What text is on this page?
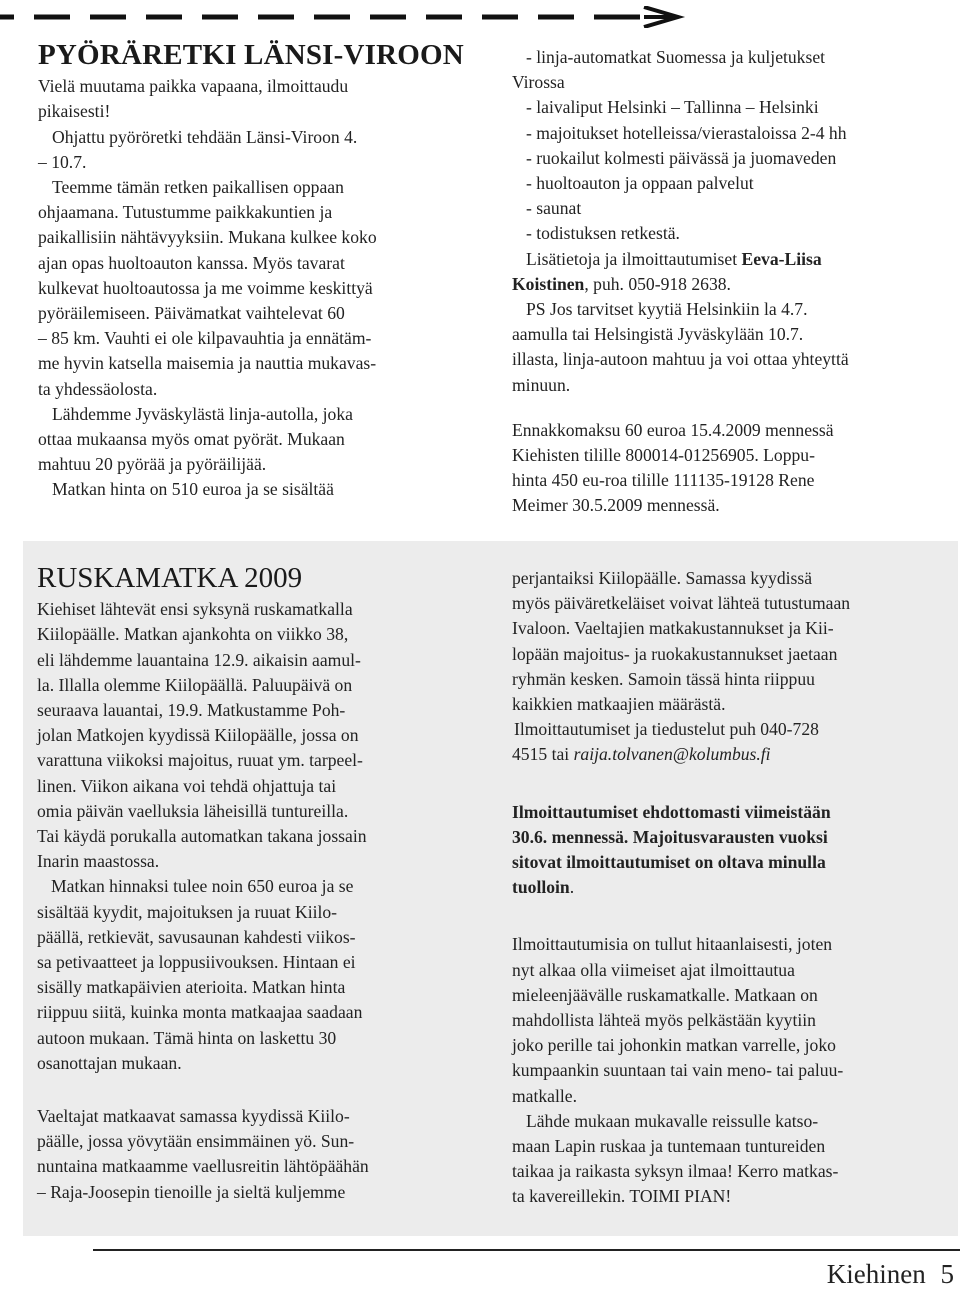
PYÖRÄRETKI LÄNSI-VIROON
Vielä muutama paikka vapaana, ilmoittaudu
pikaisesti!
Ohjattu pyöröretki tehdään Länsi-Viroon 4.
– 10.7.
Teemme tämän retken paikallisen oppaan
ohjaamana. Tutustumme paikkakuntien ja
paikallisiin nähtävyyksiin. Mukana kulkee koko
ajan opas huoltoauton kanssa. Myös tavarat
kulkevat huoltoautossa ja me voimme keskittyä
pyöräilemiseen. Päivämatkat vaihtelevat 60
– 85 km. Vauhti ei ole kilpavauhtia ja ennätäm-
me hyvin katsella maisemia ja nauttia mukavas-
ta yhdessäolosta.
Lähdemme Jyväskylästä linja-autolla, joka
ottaa mukaansa myös omat pyörät. Mukaan
mahtuu 20 pyörää ja pyöräilijää.
Matkan hinta on 510 euroa ja se sisältää
- linja-automatkat Suomessa ja kuljetukset
Virossa
- laivaliput Helsinki – Tallinna – Helsinki
- majoitukset hotelleissa/vierastaloissa 2-4 hh
- ruokailut kolmesti päivässä ja juomaveden
- huoltoauton ja oppaan palvelut
- saunat
- todistuksen retkestä.
Lisätietoja ja ilmoittautumiset Eeva-Liisa
Koistinen, puh. 050-918 2638.
PS Jos tarvitset kyytiä Helsinkiin la 4.7.
aamulla tai Helsingistä Jyväskylään 10.7.
illasta, linja-autoon mahtuu ja voi ottaa yhteyttä
minuun.
Ennakkomaksu 60 euroa 15.4.2009 mennessä
Kiehisten tilille 800014-01256905. Loppu-
hinta 450 eu-roa tilille 111135-19128 Rene
Meimer 30.5.2009 mennessä.
RUSKAMATKA 2009
Kiehiset lähtevät ensi syksynä ruskamatkalla
Kiilopäälle. Matkan ajankohta on viikko 38,
eli lähdemme lauantaina 12.9. aikaisin aamul-
la. Illalla olemme Kiilopäällä. Paluupäivä on
seuraava lauantai, 19.9. Matkustamme Poh-
jolan Matkojen kyydissä Kiilopäälle, jossa on
varattuna viikoksi majoitus, ruuat ym. tarpeel-
linen. Viikon aikana voi tehdä ohjattuja tai
omia päivän vaelluksia läheisillä tuntureilla.
Tai käydä porukalla automatkan takana jossain
Inarin maastossa.
Matkan hinnaksi tulee noin 650 euroa ja se
sisältää kyydit, majoituksen ja ruuat Kiilo-
päällä, retkievät, savusaunan kahdesti viikos-
sa petivaatteet ja loppusiivouksen. Hintaan ei
sisälly matkapäivien aterioita. Matkan hinta
riippuu siitä, kuinka monta matkaajaa saadaan
autoon mukaan. Tämä hinta on laskettu 30
osanottajan mukaan.
Vaeltajat matkaavat samassa kyydissä Kiilo-
päälle, jossa yövytään ensimmäinen yö. Sun-
nuntaina matkaamme vaellusreitin lähtöpäähän
– Raja-Joosepin tienoille ja sieltä kuljemme
perjantaiksi Kiilopäälle. Samassa kyydissä
myös päiväretkeläiset voivat lähteä tutustumaan
Ivaloon. Vaeltajien matkakustannukset ja Kii-
lopään majoitus- ja ruokakustannukset jaetaan
ryhmän kesken. Samoin tässä hinta riippuu
kaikkien matkaajien määrästä.
Ilmoittautumiset ja tiedustelut puh 040-728
4515 tai raija.tolvanen@kolumbus.fi
Ilmoittautumiset ehdottomasti viimeistään
30.6. mennessä. Majoitusvarausten vuoksi
sitovat ilmoittautumiset on oltava minulla
tuolloin.
Ilmoittautumisia on tullut hitaanlaisesti, joten
nyt alkaa olla viimeiset ajat ilmoittautua
mieleenjäävälle ruskamatkalle. Matkaan on
mahdollista lähteä myös pelkästään kyytiin
joko perille tai johonkin matkan varrelle, joko
kumpaankin suuntaan tai vain meno- tai paluu-
matkalle.
Lähde mukaan mukavalle reissulle katso-
maan Lapin ruskaa ja tuntemaan tuntureiden
taikaa ja raikasta syksyn ilmaa! Kerro matkas-
ta kavereillekin. TOIMI PIAN!
Kiehinen 5
